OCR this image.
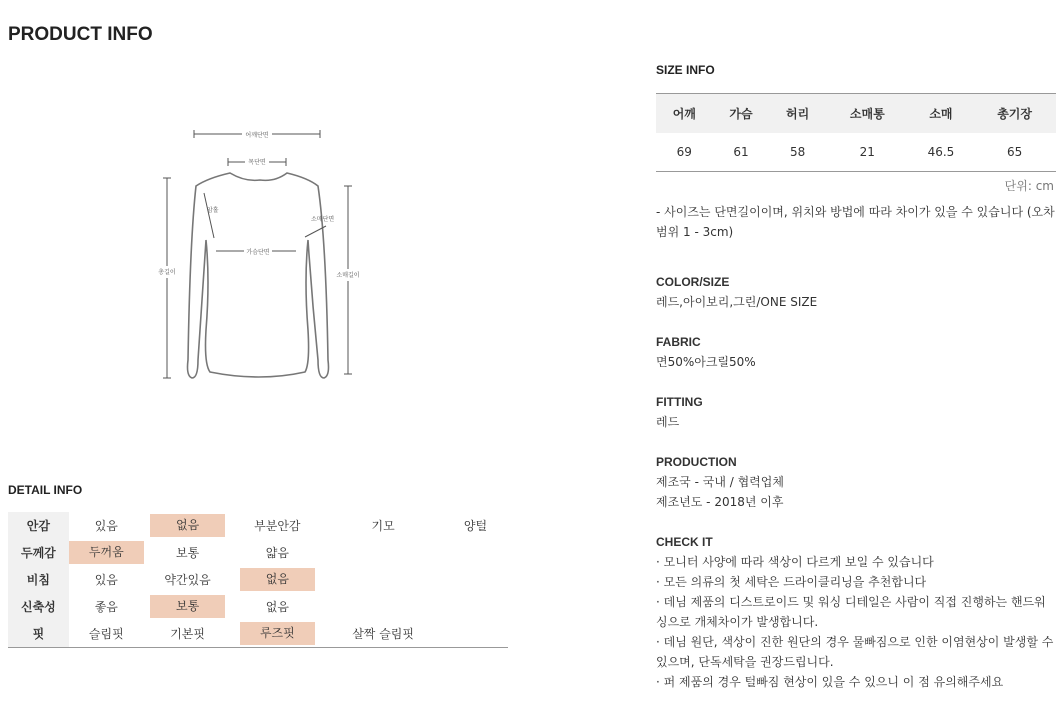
PRODUCT INFO
어깨단면
목단면
암홀
소매단면
가슴단면
총길이	소매길이
DETAIL INFO
안감	있음	없음	부분안감	기모	양털
두께감	두꺼움	보통	얇음		
비침	있음	약간있음	없음		
신축성	좋음	보통	없음		
핏	슬림핏	기본핏	루즈핏	살짝 슬림핏	
SIZE INFO
어깨	가슴	허리	소매통	소매	총기장
69	61	58	21	46.5	65
단위: cm
- 사이즈는 단면길이이며, 위치와 방법에 따라 차이가 있을 수 있습니다 (오차범위 1 - 3cm)
COLOR/SIZE
레드,아이보리,그린/ONE SIZE
FABRIC
면50%아크릴50%
FITTING
레드
PRODUCTION
제조국 - 국내 / 협력업체
제조년도 - 2018년 이후
CHECK IT
· 모니터 사양에 따라 색상이 다르게 보일 수 있습니다
· 모든 의류의 첫 세탁은 드라이클리닝을 추천합니다
· 데님 제품의 디스트로이드 및 워싱 디테일은 사람이 직접 진행하는 핸드워싱으로 개체차이가 발생합니다.
· 데님 원단, 색상이 진한 원단의 경우 물빠짐으로 인한 이염현상이 발생할 수 있으며, 단독세탁을 권장드립니다.
· 퍼 제품의 경우 털빠짐 현상이 있을 수 있으니 이 점 유의해주세요
